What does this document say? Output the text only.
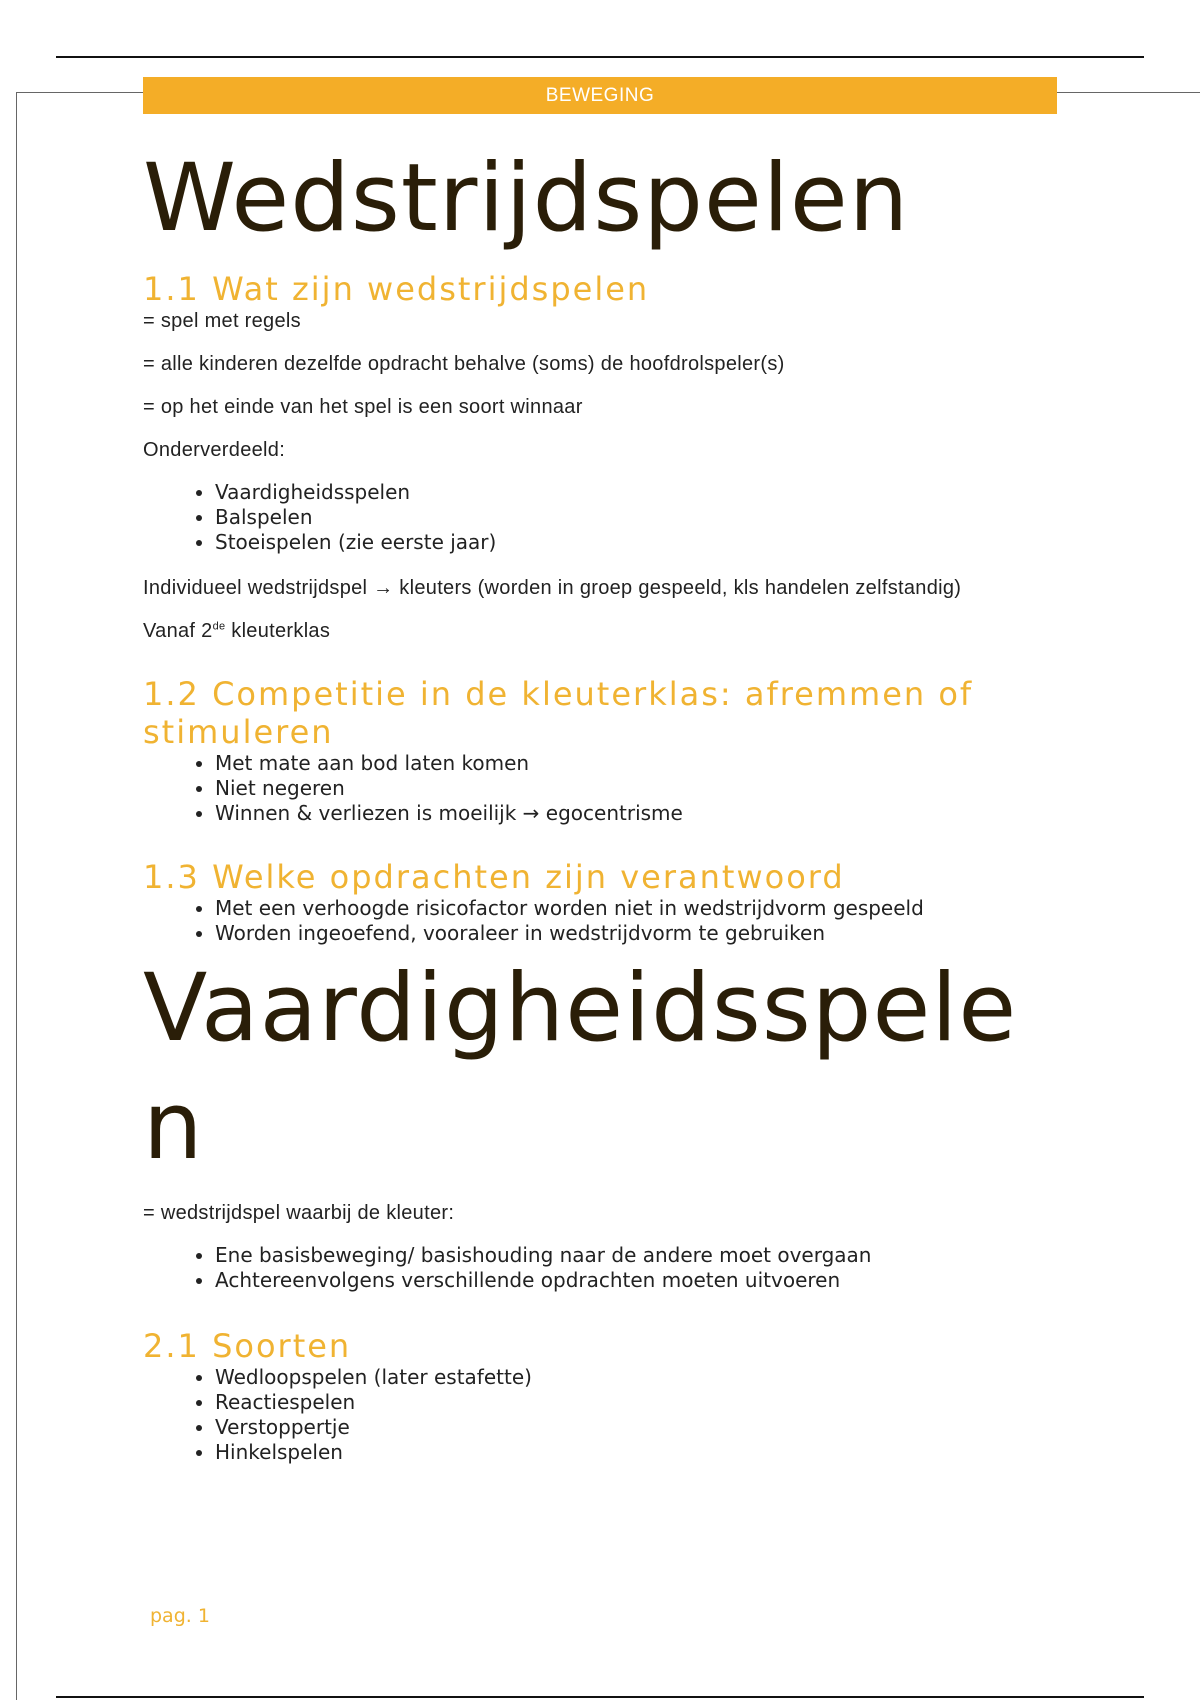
BEWEGING
Wedstrijdspelen
1.1 Wat zijn wedstrijdspelen

= spel met regels

= alle kinderen dezelfde opdracht behalve (soms) de hoofdrolspeler(s)

= op het einde van het spel is een soort winnaar

Onderverdeeld:

• Vaardigheidsspelen
• Balspelen
• Stoeispelen (zie eerste jaar)

Individueel wedstrijdspel → kleuters (worden in groep gespeeld, kls handelen zelfstandig)

Vanaf 2de kleuterklas

1.2 Competitie in de kleuterklas: afremmen of stimuleren
• Met mate aan bod laten komen
• Niet negeren
• Winnen & verliezen is moeilijk → egocentrisme
1.3 Welke opdrachten zijn verantwoord
• Met een verhoogde risicofactor worden niet in wedstrijdvorm gespeeld
• Worden ingeoefend, vooraleer in wedstrijdvorm te gebruiken
Vaardigheidsspelen

= wedstrijdspel waarbij de kleuter:

• Ene basisbeweging/ basishouding naar de andere moet overgaan
• Achtereenvolgens verschillende opdrachten moeten uitvoeren
2.1 Soorten
• Wedloopspelen (later estafette)
• Reactiespelen
• Verstoppertje
• Hinkelspelen
pag. 1
